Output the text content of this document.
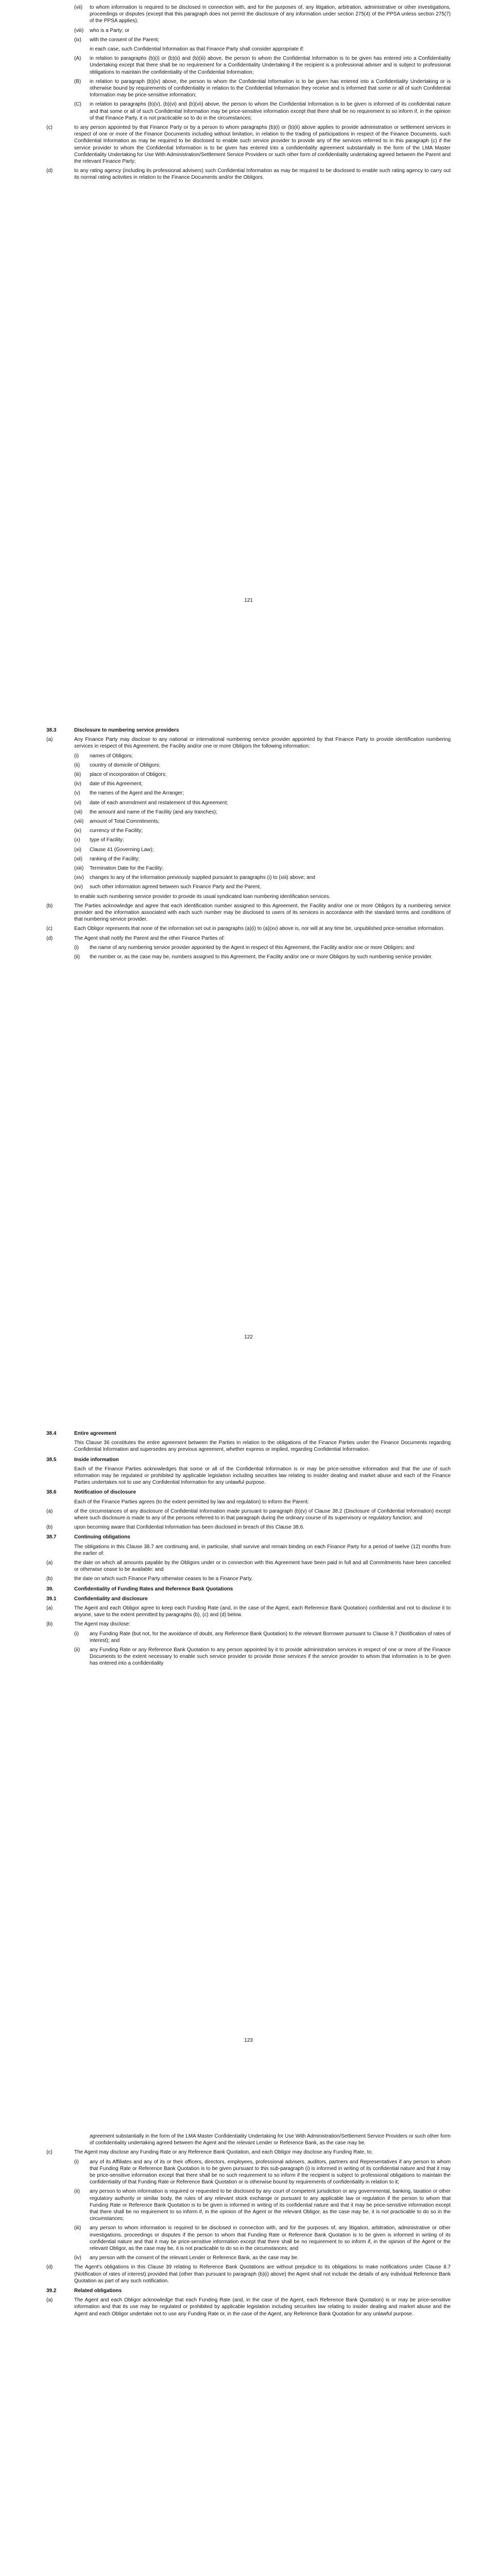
(vii)	to whom information is required to be disclosed in connection with, and for the purposes of, any litigation, arbitration, administrative or other investigations, proceedings or disputes (except that this paragraph does not permit the disclosure of any information under section 275(4) of the PPSA unless section 275(7) of the PPSA applies);
(viii)	who is a Party; or
(ix)	with the consent of the Parent;
in each case, such Confidential Information as that Finance Party shall consider appropriate if:
(A)	in relation to paragraphs (b)(i) or (b)(ii) and (b)(iii) above, the person to whom the Confidential Information is to be given has entered into a Confidentiality Undertaking except that there shall be no requirement for a Confidentiality Undertaking if the recipient is a professional adviser and is subject to professional obligations to maintain the confidentiality of the Confidential Information;
(B)	in relation to paragraph (b)(iv) above, the person to whom the Confidential Information is to be given has entered into a Confidentiality Undertaking or is otherwise bound by requirements of confidentiality in relation to the Confidential Information they receive and is informed that some or all of such Confidential Information may be price-sensitive information;
(C)	in relation to paragraphs (b)(v), (b)(vi) and (b)(vii) above, the person to whom the Confidential Information is to be given is informed of its confidential nature and that some or all of such Confidential Information may be price-sensitive information except that there shall be no requirement to so inform if, in the opinion of that Finance Party, it is not practicable so to do in the circumstances;
(c)	to any person appointed by that Finance Party or by a person to whom paragraphs (b)(i) or (b)(ii) above applies to provide administration or settlement services in respect of one or more of the Finance Documents including without limitation, in relation to the trading of participations in respect of the Finance Documents, such Confidential Information as may be required to be disclosed to enable such service provider to provide any of the services referred to in this paragraph (c) if the service provider to whom the Confidential Information is to be given has entered into a confidentiality agreement substantially in the form of the LMA Master Confidentiality Undertaking for Use With Administration/Settlement Service Providers or such other form of confidentiality undertaking agreed between the Parent and the relevant Finance Party;
(d)	to any rating agency (including its professional advisers) such Confidential Information as may be required to be disclosed to enable such rating agency to carry out its normal rating activities in relation to the Finance Documents and/or the Obligors.
121
38.3	Disclosure to numbering service providers
(a)	Any Finance Party may disclose to any national or international numbering service provider appointed by that Finance Party to provide identification numbering services in respect of this Agreement, the Facility and/or one or more Obligors the following information:
(i)	names of Obligors;
(ii)	country of domicile of Obligors;
(iii)	place of incorporation of Obligors;
(iv)	date of this Agreement;
(v)	the names of the Agent and the Arranger;
(vi)	date of each amendment and restatement of this Agreement;
(vii)	the amount and name of the Facility (and any tranches);
(viii)	amount of Total Commitments;
(ix)	currency of the Facility;
(x)	type of Facility;
(xi)	Clause 41 (Governing Law);
(xii)	ranking of the Facility;
(xiii)	Termination Date for the Facility;
(xiv)	changes to any of the information previously supplied pursuant to paragraphs (i) to (xiii) above; and
(xv)	such other information agreed between such Finance Party and the Parent,
to enable such numbering service provider to provide its usual syndicated loan numbering identification services.
(b)	The Parties acknowledge and agree that each identification number assigned to this Agreement, the Facility and/or one or more Obligors by a numbering service provider and the information associated with each such number may be disclosed to users of its services in accordance with the standard terms and conditions of that numbering service provider.
(c)	Each Obligor represents that none of the information set out in paragraphs (a)(i) to (a)(xv) above is, nor will at any time be, unpublished price-sensitive information.
(d)	The Agent shall notify the Parent and the other Finance Parties of:
(i)	the name of any numbering service provider appointed by the Agent in respect of this Agreement, the Facility and/or one or more Obligors; and
(ii)	the number or, as the case may be, numbers assigned to this Agreement, the Facility and/or one or more Obligors by such numbering service provider.
122
38.4	Entire agreement
This Clause 36 constitutes the entire agreement between the Parties in relation to the obligations of the Finance Parties under the Finance Documents regarding Confidential Information and supersedes any previous agreement, whether express or implied, regarding Confidential Information.
38.5	Inside information
Each of the Finance Parties acknowledges that some or all of the Confidential Information is or may be price-sensitive information and that the use of such information may be regulated or prohibited by applicable legislation including securities law relating to insider dealing and market abuse and each of the Finance Parties undertakes not to use any Confidential Information for any unlawful purpose.
38.6	Notification of disclosure
Each of the Finance Parties agrees (to the extent permitted by law and regulation) to inform the Parent:
(a)	of the circumstances of any disclosure of Confidential Information made pursuant to paragraph (b)(v) of Clause 38.2 (Disclosure of Confidential Information) except where such disclosure is made to any of the persons referred to in that paragraph during the ordinary course of its supervisory or regulatory function; and
(b)	upon becoming aware that Confidential Information has been disclosed in breach of this Clause 38.6.
38.7	Continuing obligations
The obligations in this Clause 38.7 are continuing and, in particular, shall survive and remain binding on each Finance Party for a period of twelve (12) months from the earlier of:
(a)	the date on which all amounts payable by the Obligors under or in connection with this Agreement have been paid in full and all Commitments have been cancelled or otherwise cease to be available; and
(b)	the date on which such Finance Party otherwise ceases to be a Finance Party.
39.	Confidentiality of Funding Rates and Reference Bank Quotations
39.1	Confidentiality and disclosure
(a)	The Agent and each Obligor agree to keep each Funding Rate (and, in the case of the Agent, each Reference Bank Quotation) confidential and not to disclose it to anyone, save to the extent permitted by paragraphs (b), (c) and (d) below.
(b)	The Agent may disclose:
(i)	any Funding Rate (but not, for the avoidance of doubt, any Reference Bank Quotation) to the relevant Borrower pursuant to Clause 8.7 (Notification of rates of interest); and
(ii)	any Funding Rate or any Reference Bank Quotation to any person appointed by it to provide administration services in respect of one or more of the Finance Documents to the extent necessary to enable such service provider to provide those services if the service provider to whom that information is to be given has entered into a confidentiality
123
agreement substantially in the form of the LMA Master Confidentiality Undertaking for Use With Administration/Settlement Service Providers or such other form of confidentiality undertaking agreed between the Agent and the relevant Lender or Reference Bank, as the case may be.
(c)	The Agent may disclose any Funding Rate or any Reference Bank Quotation, and each Obligor may disclose any Funding Rate, to:
(i)	any of its Affiliates and any of its or their officers, directors, employees, professional advisers, auditors, partners and Representatives if any person to whom that Funding Rate or Reference Bank Quotation is to be given pursuant to this sub-paragraph (i) is informed in writing of its confidential nature and that it may be price-sensitive information except that there shall be no such requirement to so inform if the recipient is subject to professional obligations to maintain the confidentiality of that Funding Rate or Reference Bank Quotation or is otherwise bound by requirements of confidentiality in relation to it;
(ii)	any person to whom information is required or requested to be disclosed by any court of competent jurisdiction or any governmental, banking, taxation or other regulatory authority or similar body, the rules of any relevant stock exchange or pursuant to any applicable law or regulation if the person to whom that Funding Rate or Reference Bank Quotation is to be given is informed in writing of its confidential nature and that it may be price-sensitive information except that there shall be no requirement to so inform if, in the opinion of the Agent or the relevant Obligor, as the case may be, it is not practicable to do so in the circumstances;
(iii)	any person to whom information is required to be disclosed in connection with, and for the purposes of, any litigation, arbitration, administrative or other investigations, proceedings or disputes if the person to whom that Funding Rate or Reference Bank Quotation is to be given is informed in writing of its confidential nature and that it may be price-sensitive information except that there shall be no requirement to so inform if, in the opinion of the Agent or the relevant Obligor, as the case may be, it is not practicable to do so in the circumstances; and
(iv)	any person with the consent of the relevant Lender or Reference Bank, as the case may be.
(d)	The Agent's obligations in this Clause 39 relating to Reference Bank Quotations are without prejudice to its obligations to make notifications under Clause 8.7 (Notification of rates of interest) provided that (other than pursuant to paragraph (b)(i) above) the Agent shall not include the details of any individual Reference Bank Quotation as part of any such notification.
39.2	Related obligations
(a)	The Agent and each Obligor acknowledge that each Funding Rate (and, in the case of the Agent, each Reference Bank Quotation) is or may be price-sensitive information and that its use may be regulated or prohibited by applicable legislation including securities law relating to insider dealing and market abuse and the Agent and each Obligor undertake not to use any Funding Rate or, in the case of the Agent, any Reference Bank Quotation for any unlawful purpose.
